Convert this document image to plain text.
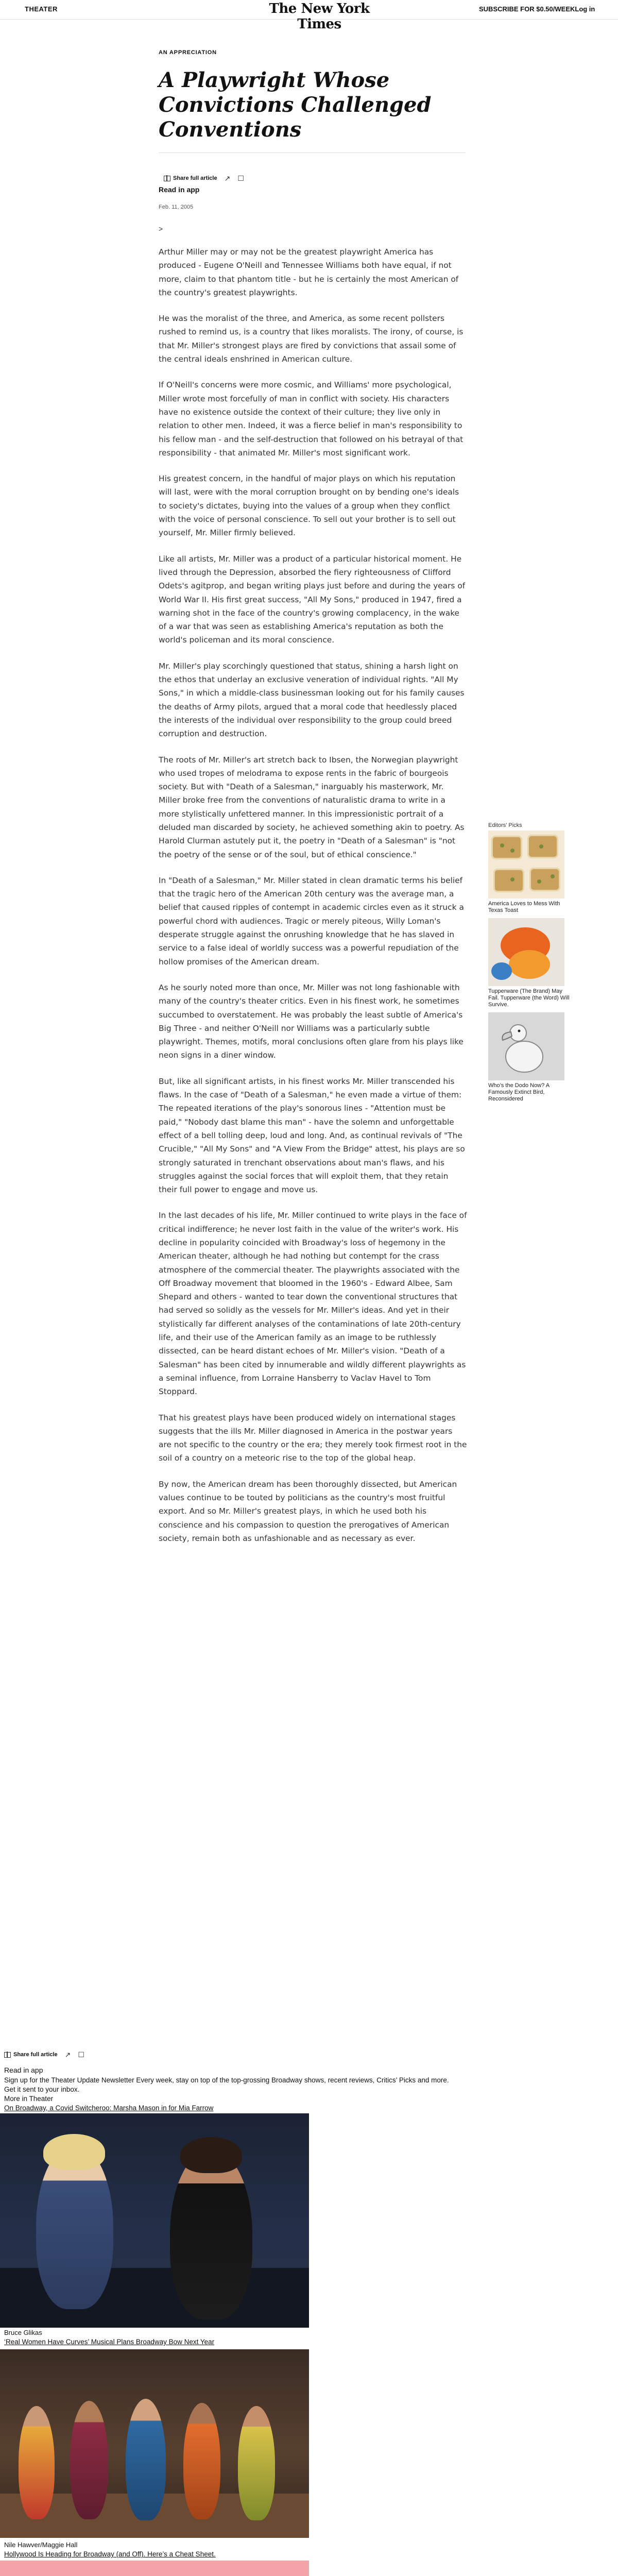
THEATER	The New York Times
SUBSCRIBE FOR $0.50/WEEKLog in
AN APPRECIATION
A Playwright Whose Convictions Challenged Conventions
Share full article ↗ ☐
Read in app
Feb. 11, 2005
>

Arthur Miller may or may not be the greatest playwright America has produced - Eugene O'Neill and Tennessee Williams both have equal, if not more, claim to that phantom title - but he is certainly the most American of the country's greatest playwrights.

He was the moralist of the three, and America, as some recent pollsters rushed to remind us, is a country that likes moralists. The irony, of course, is that Mr. Miller's strongest plays are fired by convictions that assail some of the central ideals enshrined in American culture.

If O'Neill's concerns were more cosmic, and Williams' more psychological, Miller wrote most forcefully of man in conflict with society. His characters have no existence outside the context of their culture; they live only in relation to other men. Indeed, it was a fierce belief in man's responsibility to his fellow man - and the self-destruction that followed on his betrayal of that responsibility - that animated Mr. Miller's most significant work.

His greatest concern, in the handful of major plays on which his reputation will last, were with the moral corruption brought on by bending one's ideals to society's dictates, buying into the values of a group when they conflict with the voice of personal conscience. To sell out your brother is to sell out yourself, Mr. Miller firmly believed.

Like all artists, Mr. Miller was a product of a particular historical moment. He lived through the Depression, absorbed the fiery righteousness of Clifford Odets's agitprop, and began writing plays just before and during the years of World War II. His first great success, "All My Sons," produced in 1947, fired a warning shot in the face of the country's growing complacency, in the wake of a war that was seen as establishing America's reputation as both the world's policeman and its moral conscience.

Mr. Miller's play scorchingly questioned that status, shining a harsh light on the ethos that underlay an exclusive veneration of individual rights. "All My Sons," in which a middle-class businessman looking out for his family causes the deaths of Army pilots, argued that a moral code that heedlessly placed the interests of the individual over responsibility to the group could breed corruption and destruction.

The roots of Mr. Miller's art stretch back to Ibsen, the Norwegian playwright who used tropes of melodrama to expose rents in the fabric of bourgeois society. But with "Death of a Salesman," inarguably his masterwork, Mr. Miller broke free from the conventions of naturalistic drama to write in a more stylistically unfettered manner. In this impressionistic portrait of a deluded man discarded by society, he achieved something akin to poetry. As Harold Clurman astutely put it, the poetry in "Death of a Salesman" is "not the poetry of the sense or of the soul, but of ethical conscience."

In "Death of a Salesman," Mr. Miller stated in clean dramatic terms his belief that the tragic hero of the American 20th century was the average man, a belief that caused ripples of contempt in academic circles even as it struck a powerful chord with audiences. Tragic or merely piteous, Willy Loman's desperate struggle against the onrushing knowledge that he has slaved in service to a false ideal of worldly success was a powerful repudiation of the hollow promises of the American dream.

As he sourly noted more than once, Mr. Miller was not long fashionable with many of the country's theater critics. Even in his finest work, he sometimes succumbed to overstatement. He was probably the least subtle of America's Big Three - and neither O'Neill nor Williams was a particularly subtle playwright. Themes, motifs, moral conclusions often glare from his plays like neon signs in a diner window.

But, like all significant artists, in his finest works Mr. Miller transcended his flaws. In the case of "Death of a Salesman," he even made a virtue of them: The repeated iterations of the play's sonorous lines - "Attention must be paid," "Nobody dast blame this man" - have the solemn and unforgettable effect of a bell tolling deep, loud and long. And, as continual revivals of "The Crucible," "All My Sons" and "A View From the Bridge" attest, his plays are so strongly saturated in trenchant observations about man's flaws, and his struggles against the social forces that will exploit them, that they retain their full power to engage and move us.

In the last decades of his life, Mr. Miller continued to write plays in the face of critical indifference; he never lost faith in the value of the writer's work. His decline in popularity coincided with Broadway's loss of hegemony in the American theater, although he had nothing but contempt for the crass atmosphere of the commercial theater. The playwrights associated with the Off Broadway movement that bloomed in the 1960's - Edward Albee, Sam Shepard and others - wanted to tear down the conventional structures that had served so solidly as the vessels for Mr. Miller's ideas. And yet in their stylistically far different analyses of the contaminations of late 20th-century life, and their use of the American family as an image to be ruthlessly dissected, can be heard distant echoes of Mr. Miller's vision. "Death of a Salesman" has been cited by innumerable and wildly different playwrights as a seminal influence, from Lorraine Hansberry to Vaclav Havel to Tom Stoppard.

That his greatest plays have been produced widely on international stages suggests that the ills Mr. Miller diagnosed in America in the postwar years are not specific to the country or the era; they merely took firmest root in the soil of a country on a meteoric rise to the top of the global heap.

By now, the American dream has been thoroughly dissected, but American values continue to be touted by politicians as the country's most fruitful export. And so Mr. Miller's greatest plays, in which he used both his conscience and his compassion to question the prerogatives of American society, remain both as unfashionable and as necessary as ever.

Editors' Picks
America Loves to Mess With Texas Toast
Tupperware (The Brand) May Fail. Tupperware (the Word) Will Survive.
Who’s the Dodo Now? A Famously Extinct Bird, Reconsidered
Share full article ↗ ☐
Read in app
Sign up for the Theater Update Newsletter Every week, stay on top of the top-grossing Broadway shows, recent reviews, Critics’ Picks and more.
Get it sent to your inbox.
More in Theater
On Broadway, a Covid Switcheroo: Marsha Mason in for Mia Farrow
Bruce Glikas
‘Real Women Have Curves’ Musical Plans Broadway Bow Next Year
Nile Hawver/Maggie Hall
Hollywood Is Heading for Broadway (and Off). Here’s a Cheat Sheet.
